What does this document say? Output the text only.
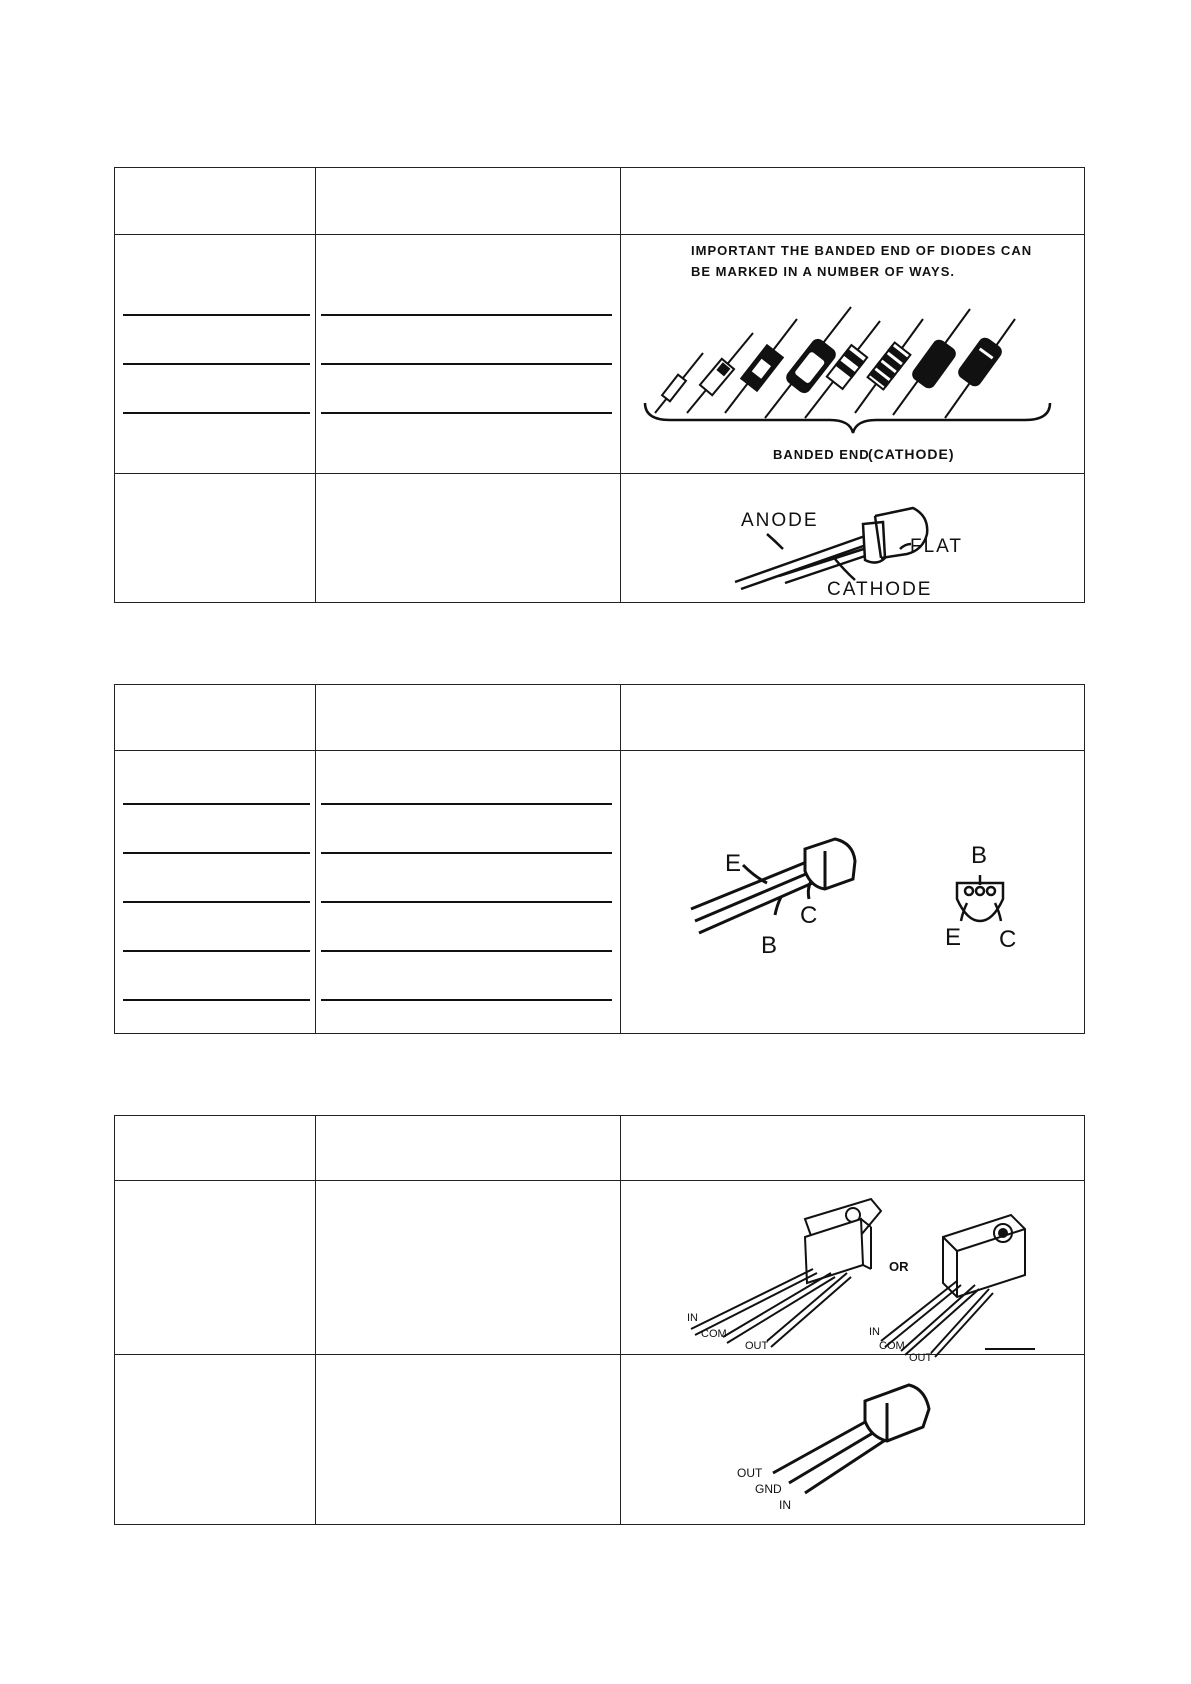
IMPORTANT THE BANDED END OF DIODES CAN
BE MARKED IN A NUMBER OF WAYS.
BANDED END
(CATHODE)
ANODE
FLAT
CATHODE
E
B
C
B
E C
IN
COM
OUT
OR
IN
COM
OUT
OUT
GND
IN
